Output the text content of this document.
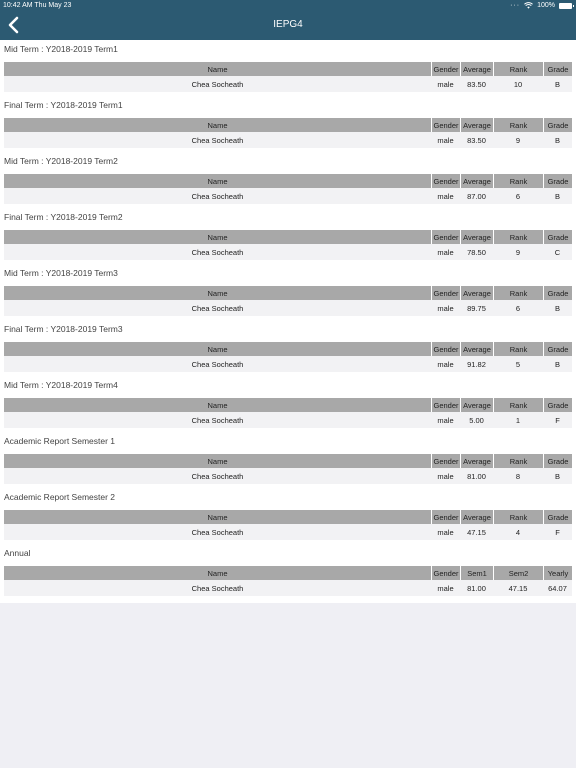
10:42 AM Thu May 23	··· 100%
IEPG4
Mid Term : Y2018-2019 Term1
Name	Gender Average	Rank	Grade
Chea Socheath	male	83.50	10	B
Final Term : Y2018-2019 Term1
Name	Gender Average	Rank	Grade
Chea Socheath	male	83.50	9	B
Mid Term : Y2018-2019 Term2
Name	Gender Average	Rank	Grade
Chea Socheath	male	87.00	6	B
Final Term : Y2018-2019 Term2
Name	Gender Average	Rank	Grade
Chea Socheath	male	78.50	9	C
Mid Term : Y2018-2019 Term3
Name	Gender Average	Rank	Grade
Chea Socheath	male	89.75	6	B
Final Term : Y2018-2019 Term3
Name	Gender Average	Rank	Grade
Chea Socheath	male	91.82	5	B
Mid Term : Y2018-2019 Term4
Name	Gender Average	Rank	Grade
Chea Socheath	male	5.00	1	F
Academic Report Semester 1
Name	Gender Average	Rank	Grade
Chea Socheath	male	81.00	8	B
Academic Report Semester 2
Name	Gender Average	Rank	Grade
Chea Socheath	male	47.15	4	F
Annual
Name	Gender	Sem1	Sem2	Yearly
Chea Socheath	male	81.00	47.15	64.07
